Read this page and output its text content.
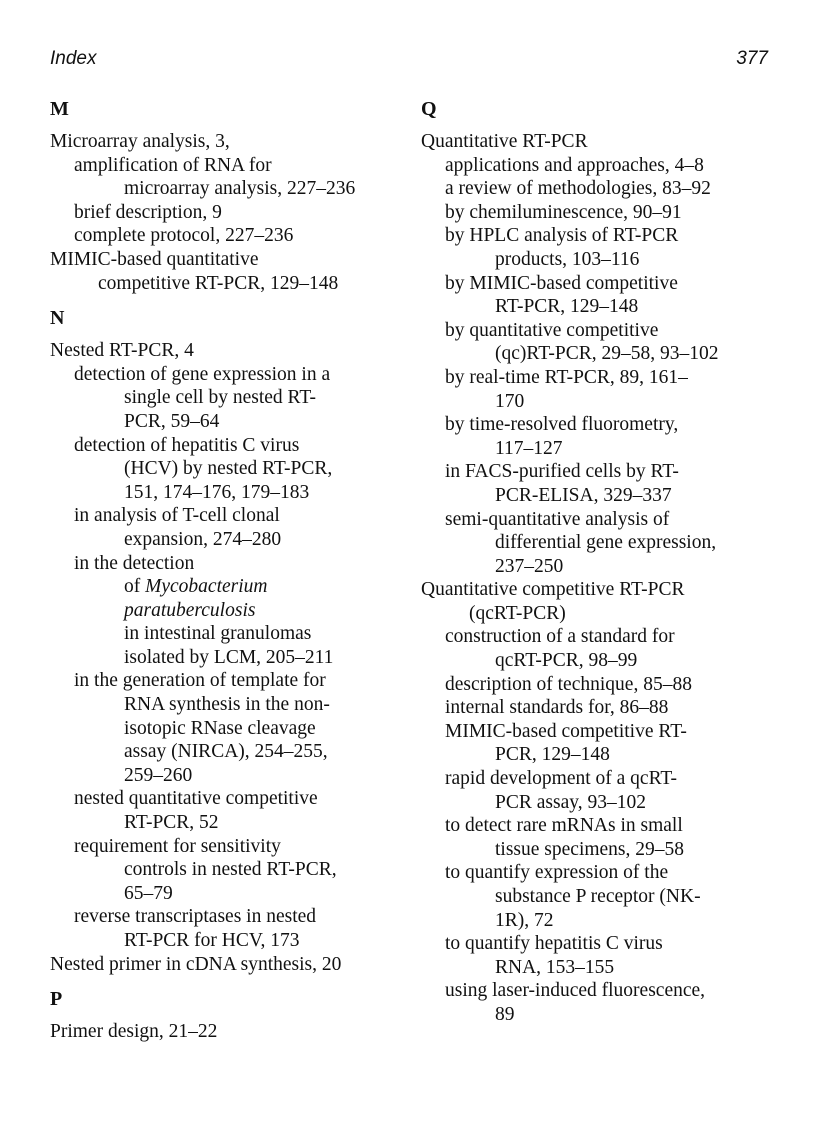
Index	377
M
Microarray analysis, 3,
amplification of RNA for
microarray analysis, 227–236
brief description, 9
complete protocol, 227–236
MIMIC-based quantitative
competitive RT-PCR, 129–148
N
Nested RT-PCR, 4
detection of gene expression in a
single cell by nested RT-
PCR, 59–64
detection of hepatitis C virus
(HCV) by nested RT-PCR,
151, 174–176, 179–183
in analysis of T-cell clonal
expansion, 274–280
in the detection
of Mycobacterium
paratuberculosis
in intestinal granulomas
isolated by LCM, 205–211
in the generation of template for
RNA synthesis in the non-
isotopic RNase cleavage
assay (NIRCA), 254–255,
259–260
nested quantitative competitive
RT-PCR, 52
requirement for sensitivity
controls in nested RT-PCR,
65–79
reverse transcriptases in nested
RT-PCR for HCV, 173
Nested primer in cDNA synthesis, 20
P
Primer design, 21–22
Q
Quantitative RT-PCR
applications and approaches, 4–8
a review of methodologies, 83–92
by chemiluminescence, 90–91
by HPLC analysis of RT-PCR
products, 103–116
by MIMIC-based competitive
RT-PCR, 129–148
by quantitative competitive
(qc)RT-PCR, 29–58, 93–102
by real-time RT-PCR, 89, 161–
170
by time-resolved fluorometry,
117–127
in FACS-purified cells by RT-
PCR-ELISA, 329–337
semi-quantitative analysis of
differential gene expression,
237–250
Quantitative competitive RT-PCR
(qcRT-PCR)
construction of a standard for
qcRT-PCR, 98–99
description of technique, 85–88
internal standards for, 86–88
MIMIC-based competitive RT-
PCR, 129–148
rapid development of a qcRT-
PCR assay, 93–102
to detect rare mRNAs in small
tissue specimens, 29–58
to quantify expression of the
substance P receptor (NK-
1R), 72
to quantify hepatitis C virus
RNA, 153–155
using laser-induced fluorescence,
89
